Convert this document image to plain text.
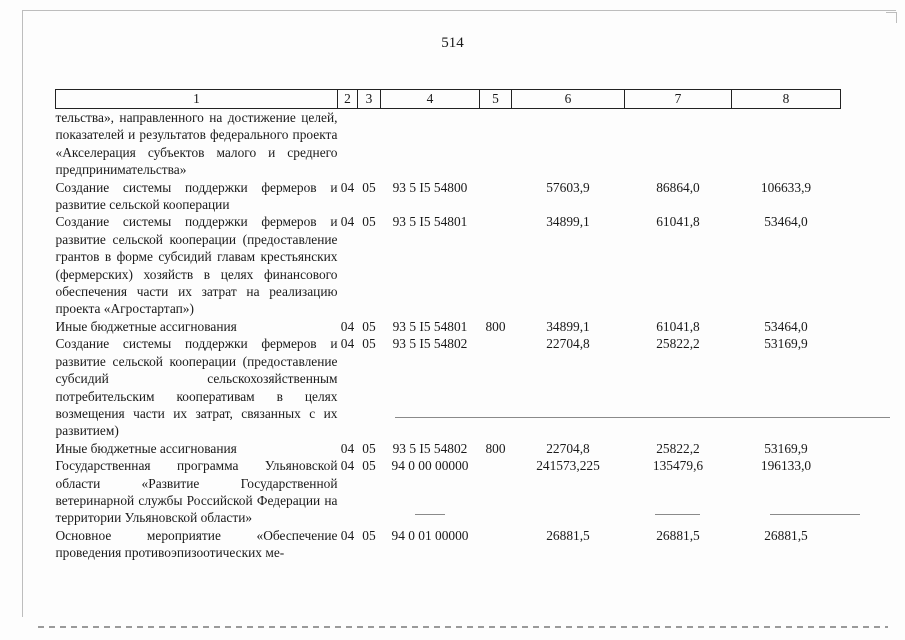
514
1	2	3	4	5	6	7	8
тельства», направленного на достижение целей, показателей и результатов федерального проекта «Акселерация субъектов малого и среднего предпринимательства»							
Создание системы поддержки фермеров и развитие сельской кооперации	04	05	93 5 I5 54800		57603,9	86864,0	106633,9
Создание системы поддержки фермеров и развитие сельской кооперации (предоставление грантов в форме субсидий главам крестьянских (фермерских) хозяйств в целях финансового обеспечения части их затрат на реализацию проекта «Агростартап»)	04	05	93 5 I5 54801		34899,1	61041,8	53464,0
Иные бюджетные ассигнования	04	05	93 5 I5 54801	800	34899,1	61041,8	53464,0
Создание системы поддержки фермеров и развитие сельской кооперации (предоставление субсидий сельскохозяйственным потребительским кооперативам в целях возмещения части их затрат, связанных с их развитием)	04	05	93 5 I5 54802		22704,8	25822,2	53169,9
Иные бюджетные ассигнования	04	05	93 5 I5 54802	800	22704,8	25822,2	53169,9
Государственная программа Ульяновской области «Развитие Государственной ветеринарной службы Российской Федерации на территории Ульяновской области»	04	05	94 0 00 00000		241573,225	135479,6	196133,0
Основное мероприятие «Обеспечение проведения противоэпизоотических ме-	04	05	94 0 01 00000		26881,5	26881,5	26881,5
